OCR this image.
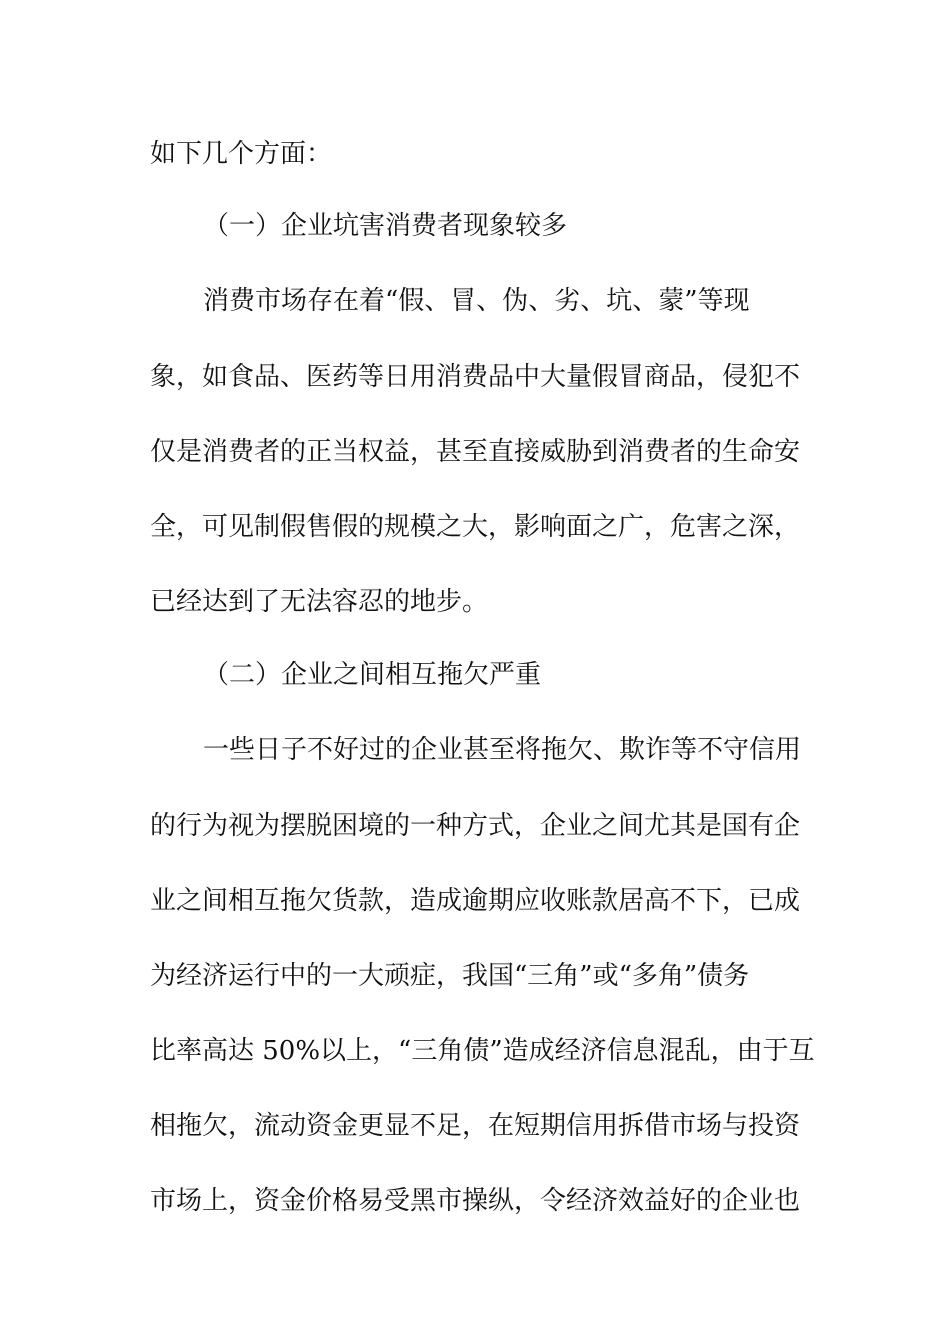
如下几个方面：
（一）企业坑害消费者现象较多
消费市场存在着“假、冒、伪、劣、坑、蒙”等现
象，如食品、医药等日用消费品中大量假冒商品，侵犯不
仅是消费者的正当权益，甚至直接威胁到消费者的生命安
全，可见制假售假的规模之大，影响面之广，危害之深，
已经达到了无法容忍的地步。
（二）企业之间相互拖欠严重
一些日子不好过的企业甚至将拖欠、欺诈等不守信用
的行为视为摆脱困境的一种方式，企业之间尤其是国有企
业之间相互拖欠货款，造成逾期应收账款居高不下，已成
为经济运行中的一大顽症，我国“三角”或“多角”债务
比率高达 50%以上，“三角债”造成经济信息混乱，由于互
相拖欠，流动资金更显不足，在短期信用拆借市场与投资
市场上，资金价格易受黑市操纵，令经济效益好的企业也
